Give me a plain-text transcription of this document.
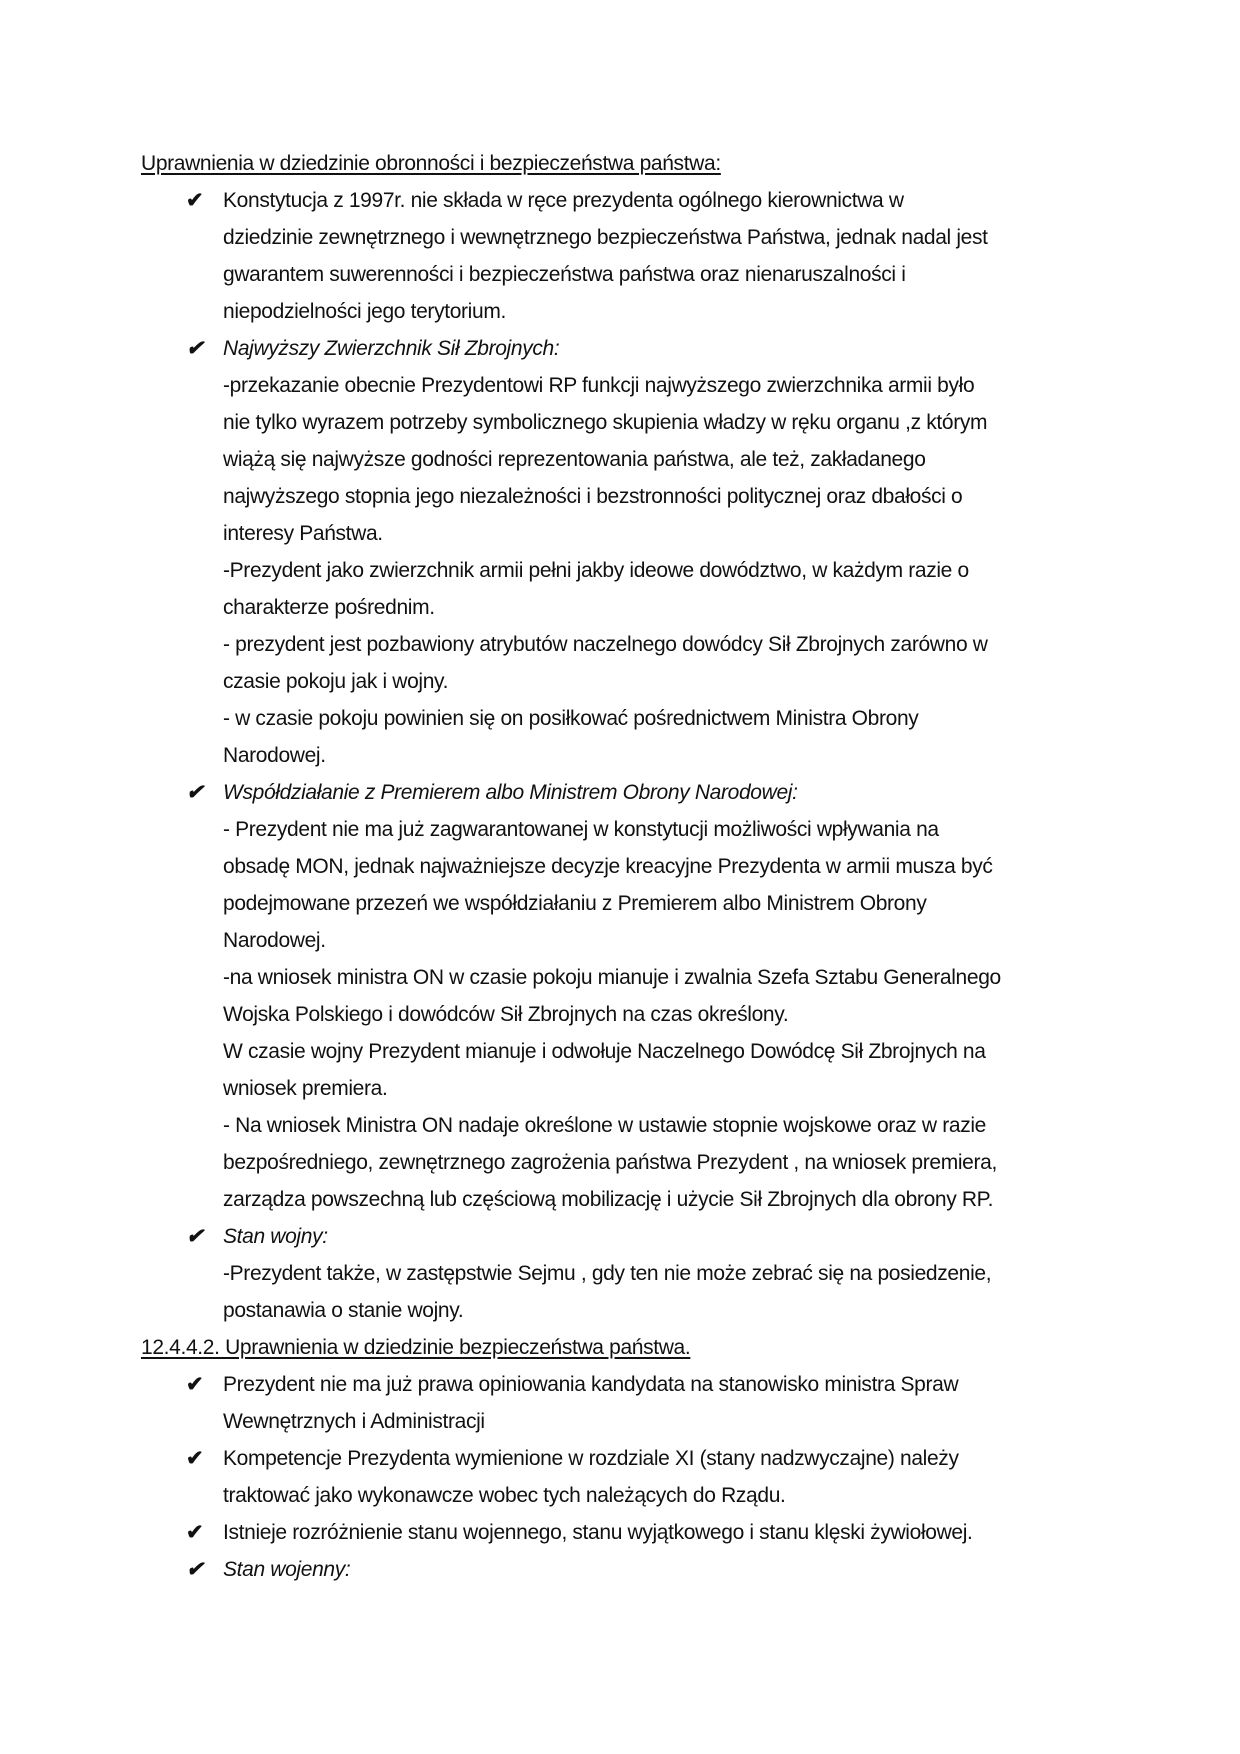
Uprawnienia w dziedzinie obronności i bezpieczeństwa państwa:
✔ Konstytucja z 1997r. nie składa w ręce prezydenta ogólnego kierownictwa w
dziedzinie zewnętrznego i wewnętrznego bezpieczeństwa Państwa, jednak nadal jest
gwarantem suwerenności i bezpieczeństwa państwa oraz nienaruszalności i
niepodzielności jego terytorium.
✔ Najwyższy Zwierzchnik Sił Zbrojnych:
-przekazanie obecnie Prezydentowi RP funkcji najwyższego zwierzchnika armii było
nie tylko wyrazem potrzeby symbolicznego skupienia władzy w ręku organu ,z którym
wiążą się najwyższe godności reprezentowania państwa, ale też, zakładanego
najwyższego stopnia jego niezależności i bezstronności politycznej oraz dbałości o
interesy Państwa.
-Prezydent jako zwierzchnik armii pełni jakby ideowe dowództwo, w każdym razie o
charakterze pośrednim.
- prezydent jest pozbawiony atrybutów naczelnego dowódcy Sił Zbrojnych zarówno w
czasie pokoju jak i wojny.
- w czasie pokoju powinien się on posiłkować pośrednictwem Ministra Obrony
Narodowej.
✔ Współdziałanie z Premierem albo Ministrem Obrony Narodowej:
- Prezydent nie ma już zagwarantowanej w konstytucji możliwości wpływania na
obsadę MON, jednak najważniejsze decyzje kreacyjne Prezydenta w armii musza być
podejmowane przezeń we współdziałaniu z Premierem albo Ministrem Obrony
Narodowej.
-na wniosek ministra ON w czasie pokoju mianuje i zwalnia Szefa Sztabu Generalnego
Wojska Polskiego i dowódców Sił Zbrojnych na czas określony.
W czasie wojny Prezydent mianuje i odwołuje Naczelnego Dowódcę Sił Zbrojnych na
wniosek premiera.
- Na wniosek Ministra ON nadaje określone w ustawie stopnie wojskowe oraz w razie
bezpośredniego, zewnętrznego zagrożenia państwa Prezydent , na wniosek premiera,
zarządza powszechną lub częściową mobilizację i użycie Sił Zbrojnych dla obrony RP.
✔ Stan wojny:
-Prezydent także, w zastępstwie Sejmu , gdy ten nie może zebrać się na posiedzenie,
postanawia o stanie wojny.
12.4.4.2. Uprawnienia w dziedzinie bezpieczeństwa państwa.
✔ Prezydent nie ma już prawa opiniowania kandydata na stanowisko ministra Spraw
Wewnętrznych i Administracji
✔ Kompetencje Prezydenta wymienione w rozdziale XI (stany nadzwyczajne) należy
traktować jako wykonawcze wobec tych należących do Rządu.
✔ Istnieje rozróżnienie stanu wojennego, stanu wyjątkowego i stanu klęski żywiołowej.
✔ Stan wojenny:
